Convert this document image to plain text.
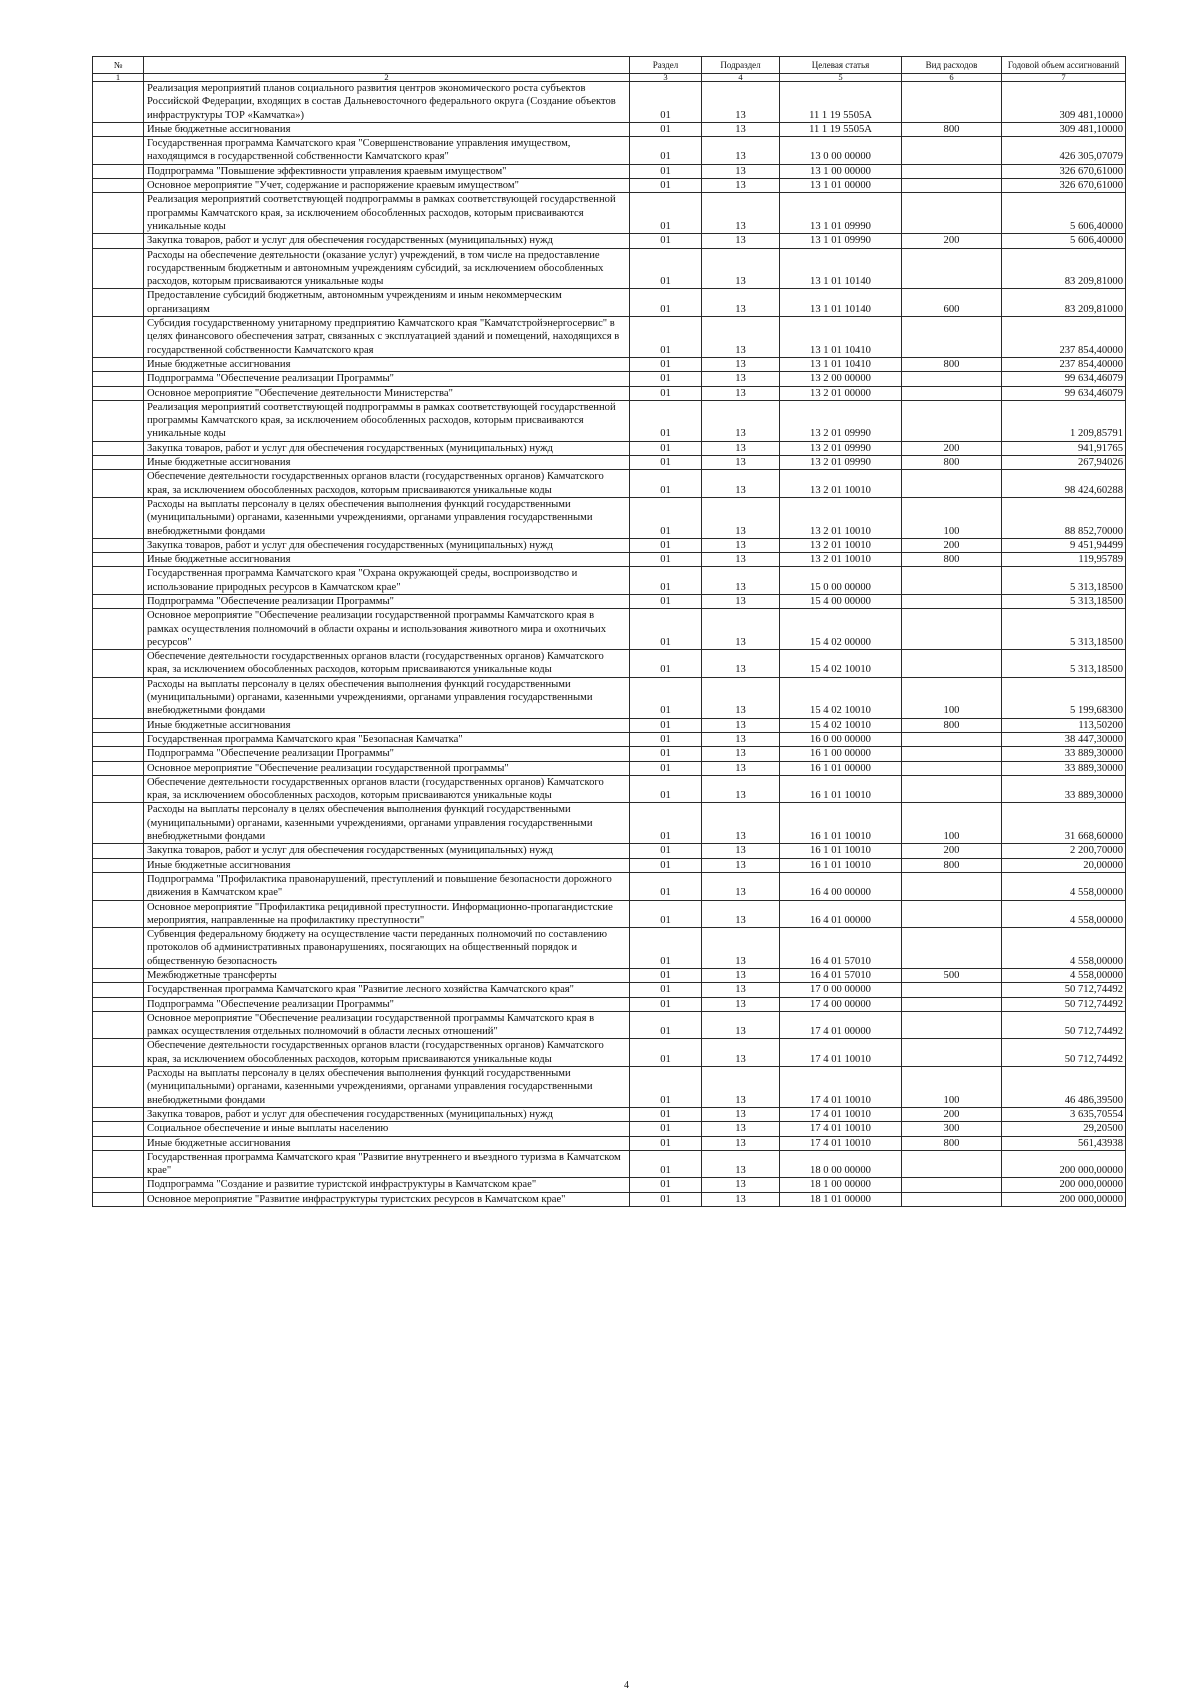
№		Раздел	Подраздел	Целевая статья	Вид расходов	Годовой объем ассигнований
1	2	3	4	5	6	7
	Реализация мероприятий планов социального развития центров экономического роста субъектов Российской Федерации, входящих в состав Дальневосточного федерального округа (Создание объектов инфраструктуры ТОР «Камчатка»)	01	13	11 1 19 5505А		309 481,10000
	Иные бюджетные ассигнования	01	13	11 1 19 5505А	800	309 481,10000
	Государственная программа Камчатского края "Совершенствование управления имуществом, находящимся в государственной собственности Камчатского края"	01	13	13 0 00 00000		426 305,07079
	Подпрограмма "Повышение эффективности управления краевым имуществом"	01	13	13 1 00 00000		326 670,61000
	Основное мероприятие "Учет, содержание и распоряжение краевым имуществом"	01	13	13 1 01 00000		326 670,61000
	Реализация мероприятий соответствующей подпрограммы в рамках соответствующей государственной программы Камчатского края, за исключением обособленных расходов, которым присваиваются уникальные коды	01	13	13 1 01 09990		5 606,40000
	Закупка товаров, работ и услуг для обеспечения государственных (муниципальных) нужд	01	13	13 1 01 09990	200	5 606,40000
	Расходы на обеспечение деятельности (оказание услуг) учреждений, в том числе на предоставление государственным бюджетным и автономным учреждениям субсидий, за исключением обособленных расходов, которым присваиваются уникальные коды	01	13	13 1 01 10140		83 209,81000
	Предоставление субсидий бюджетным, автономным учреждениям и иным некоммерческим организациям	01	13	13 1 01 10140	600	83 209,81000
	Субсидия государственному унитарному предприятию Камчатского края "Камчатстройэнергосервис" в целях финансового обеспечения затрат, связанных с эксплуатацией зданий и помещений, находящихся в государственной собственности Камчатского края	01	13	13 1 01 10410		237 854,40000
	Иные бюджетные ассигнования	01	13	13 1 01 10410	800	237 854,40000
	Подпрограмма "Обеспечение реализации Программы"	01	13	13 2 00 00000		99 634,46079
	Основное мероприятие "Обеспечение деятельности Министерства"	01	13	13 2 01 00000		99 634,46079
	Реализация мероприятий соответствующей подпрограммы в рамках соответствующей государственной программы Камчатского края, за исключением обособленных расходов, которым присваиваются уникальные коды	01	13	13 2 01 09990		1 209,85791
	Закупка товаров, работ и услуг для обеспечения государственных (муниципальных) нужд	01	13	13 2 01 09990	200	941,91765
	Иные бюджетные ассигнования	01	13	13 2 01 09990	800	267,94026
	Обеспечение деятельности государственных органов власти (государственных органов) Камчатского края, за исключением обособленных расходов, которым присваиваются уникальные коды	01	13	13 2 01 10010		98 424,60288
	Расходы на выплаты персоналу в целях обеспечения выполнения функций государственными (муниципальными) органами, казенными учреждениями, органами управления государственными внебюджетными фондами	01	13	13 2 01 10010	100	88 852,70000
	Закупка товаров, работ и услуг для обеспечения государственных (муниципальных) нужд	01	13	13 2 01 10010	200	9 451,94499
	Иные бюджетные ассигнования	01	13	13 2 01 10010	800	119,95789
	Государственная программа Камчатского края "Охрана окружающей среды, воспроизводство и использование природных ресурсов в Камчатском крае"	01	13	15 0 00 00000		5 313,18500
	Подпрограмма "Обеспечение реализации Программы"	01	13	15 4 00 00000		5 313,18500
	Основное мероприятие "Обеспечение реализации государственной программы Камчатского края в рамках осуществления полномочий в области охраны и использования животного мира и охотничьих ресурсов"	01	13	15 4 02 00000		5 313,18500
	Обеспечение деятельности государственных органов власти (государственных органов) Камчатского края, за исключением обособленных расходов, которым присваиваются уникальные коды	01	13	15 4 02 10010		5 313,18500
	Расходы на выплаты персоналу в целях обеспечения выполнения функций государственными (муниципальными) органами, казенными учреждениями, органами управления государственными внебюджетными фондами	01	13	15 4 02 10010	100	5 199,68300
	Иные бюджетные ассигнования	01	13	15 4 02 10010	800	113,50200
	Государственная программа Камчатского края "Безопасная Камчатка"	01	13	16 0 00 00000		38 447,30000
	Подпрограмма "Обеспечение реализации Программы"	01	13	16 1 00 00000		33 889,30000
	Основное мероприятие "Обеспечение реализации государственной программы"	01	13	16 1 01 00000		33 889,30000
	Обеспечение деятельности государственных органов власти (государственных органов) Камчатского края, за исключением обособленных расходов, которым присваиваются уникальные коды	01	13	16 1 01 10010		33 889,30000
	Расходы на выплаты персоналу в целях обеспечения выполнения функций государственными (муниципальными) органами, казенными учреждениями, органами управления государственными внебюджетными фондами	01	13	16 1 01 10010	100	31 668,60000
	Закупка товаров, работ и услуг для обеспечения государственных (муниципальных) нужд	01	13	16 1 01 10010	200	2 200,70000
	Иные бюджетные ассигнования	01	13	16 1 01 10010	800	20,00000
	Подпрограмма "Профилактика правонарушений, преступлений и повышение безопасности дорожного движения в Камчатском крае"	01	13	16 4 00 00000		4 558,00000
	Основное мероприятие "Профилактика рецидивной преступности. Информационно-пропагандистские мероприятия, направленные на профилактику преступности"	01	13	16 4 01 00000		4 558,00000
	Субвенция федеральному бюджету на осуществление части переданных полномочий по составлению протоколов об административных правонарушениях, посягающих на общественный порядок и общественную безопасность	01	13	16 4 01 57010		4 558,00000
	Межбюджетные трансферты	01	13	16 4 01 57010	500	4 558,00000
	Государственная программа Камчатского края "Развитие лесного хозяйства Камчатского края"	01	13	17 0 00 00000		50 712,74492
	Подпрограмма "Обеспечение реализации Программы"	01	13	17 4 00 00000		50 712,74492
	Основное мероприятие "Обеспечение реализации государственной программы Камчатского края в рамках осуществления отдельных полномочий в области лесных отношений"	01	13	17 4 01 00000		50 712,74492
	Обеспечение деятельности государственных органов власти (государственных органов) Камчатского края, за исключением обособленных расходов, которым присваиваются уникальные коды	01	13	17 4 01 10010		50 712,74492
	Расходы на выплаты персоналу в целях обеспечения выполнения функций государственными (муниципальными) органами, казенными учреждениями, органами управления государственными внебюджетными фондами	01	13	17 4 01 10010	100	46 486,39500
	Закупка товаров, работ и услуг для обеспечения государственных (муниципальных) нужд	01	13	17 4 01 10010	200	3 635,70554
	Социальное обеспечение и иные выплаты населению	01	13	17 4 01 10010	300	29,20500
	Иные бюджетные ассигнования	01	13	17 4 01 10010	800	561,43938
	Государственная программа Камчатского края "Развитие внутреннего и въездного туризма в Камчатском крае"	01	13	18 0 00 00000		200 000,00000
	Подпрограмма "Создание и развитие туристской инфраструктуры в Камчатском крае"	01	13	18 1 00 00000		200 000,00000
	Основное мероприятие "Развитие инфраструктуры туристских ресурсов в Камчатском крае"	01	13	18 1 01 00000		200 000,00000
4
